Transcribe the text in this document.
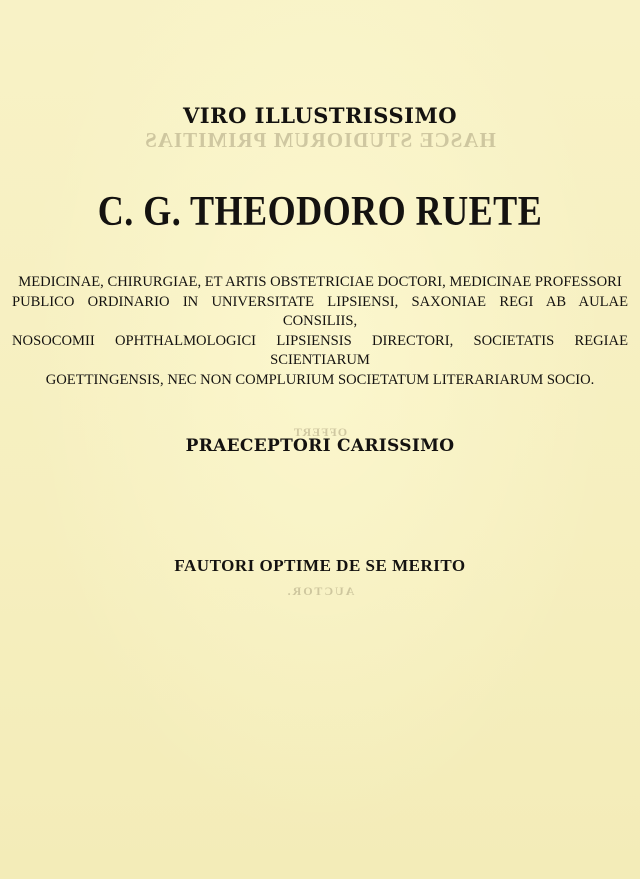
VIRO ILLUSTRISSIMO
HASCE STUDIORUM PRIMITIAS
C. G. THEODORO RUETE
MEDICINAE, CHIRURGIAE, ET ARTIS OBSTETRICIAE DOCTORI, MEDICINAE PROFESSORI
PUBLICO ORDINARIO IN UNIVERSITATE LIPSIENSI, SAXONIAE REGI AB AULAE CONSILIIS,
NOSOCOMII OPHTHALMOLOGICI LIPSIENSIS DIRECTORI, SOCIETATIS REGIAE SCIENTIARUM
GOETTINGENSIS, NEC NON COMPLURIUM SOCIETATUM LITERARIARUM SOCIO.
OFFERT
PRAECEPTORI CARISSIMO
FAUTORI OPTIME DE SE MERITO
AUCTOR.
